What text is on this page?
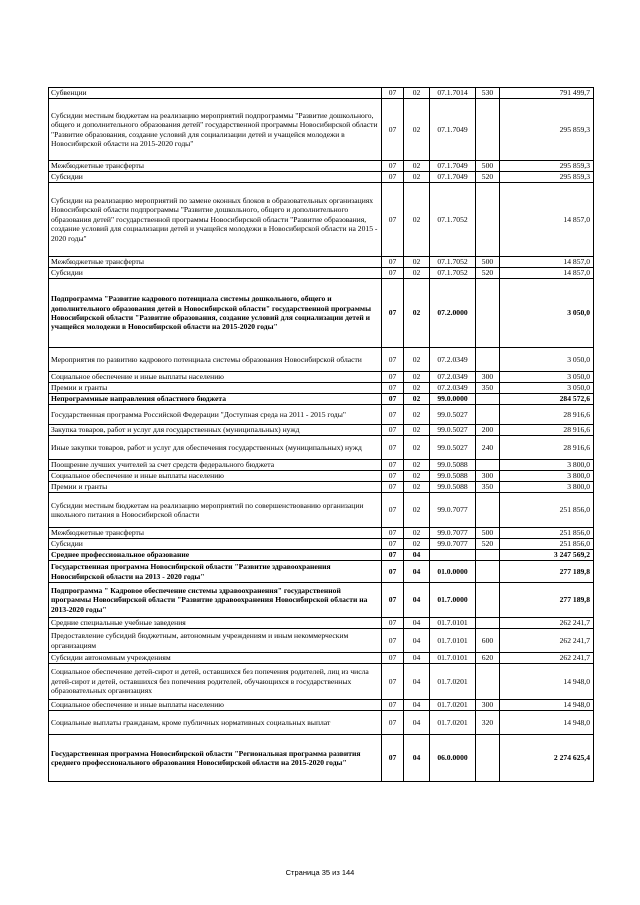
Субвенции	07	02	07.1.7014	530	791 499,7
Субсидии местным бюджетам на реализацию мероприятий подпрограммы "Развитие дошкольного, общего и дополнительного образования детей" государственной программы Новосибирской области "Развитие образования, создание условий для социализации детей и учащейся молодежи в Новосибирской области на 2015-2020 годы"	07	02	07.1.7049		295 859,3
Межбюджетные трансферты	07	02	07.1.7049	500	295 859,3
Субсидии	07	02	07.1.7049	520	295 859,3
Субсидии на реализацию мероприятий по замене оконных блоков в образовательных организациях Новосибирской области подпрограммы "Развитие дошкольного, общего и дополнительного образования детей" государственной программы Новосибирской области "Развитие образования, создание условий для социализации детей и учащейся молодежи в Новосибирской области на 2015 - 2020 годы"	07	02	07.1.7052		14 857,0
Межбюджетные трансферты	07	02	07.1.7052	500	14 857,0
Субсидии	07	02	07.1.7052	520	14 857,0
Подпрограмма "Развитие кадрового потенциала системы дошкольного, общего и дополнительного образования детей в Новосибирской области" государственной программы Новосибирской области "Развитие образования, создание условий для социализации детей и учащейся молодежи в Новосибирской области на 2015-2020 годы"	07	02	07.2.0000		3 050,0
Мероприятия по развитию кадрового потенциала системы образования Новосибирской области	07	02	07.2.0349		3 050,0
Социальное обеспечение и иные выплаты населению	07	02	07.2.0349	300	3 050,0
Премии и гранты	07	02	07.2.0349	350	3 050,0
Непрограммные направления областного бюджета	07	02	99.0.0000		284 572,6
Государственная программа Российской Федерации "Доступная среда на 2011 - 2015 годы"	07	02	99.0.5027		28 916,6
Закупка товаров, работ и услуг для государственных (муниципальных) нужд	07	02	99.0.5027	200	28 916,6
Иные закупки товаров, работ и услуг для обеспечения государственных (муниципальных) нужд	07	02	99.0.5027	240	28 916,6
Поощрение лучших учителей за счет средств федерального бюджета	07	02	99.0.5088		3 800,0
Социальное обеспечение и иные выплаты населению	07	02	99.0.5088	300	3 800,0
Премии и гранты	07	02	99.0.5088	350	3 800,0
Субсидии местным бюджетам на реализацию мероприятий по совершенствованию организации школьного питания в Новосибирской области	07	02	99.0.7077		251 856,0
Межбюджетные трансферты	07	02	99.0.7077	500	251 856,0
Субсидии	07	02	99.0.7077	520	251 856,0
Среднее профессиональное образование	07	04			3 247 569,2
Государственная программа Новосибирской области "Развитие здравоохранения Новосибирской области на 2013 - 2020 годы"	07	04	01.0.0000		277 189,8
Подпрограмма " Кадровое обеспечение системы здравоохранения" государственной программы Новосибирской области "Развитие здравоохранения Новосибирской области на 2013-2020 годы"	07	04	01.7.0000		277 189,8
Средние специальные учебные заведения	07	04	01.7.0101		262 241,7
Предоставление субсидий бюджетным, автономным учреждениям и иным некоммерческим организациям	07	04	01.7.0101	600	262 241,7
Субсидии автономным учреждениям	07	04	01.7.0101	620	262 241,7
Социальное обеспечение детей-сирот и детей, оставшихся без попечения родителей, лиц из числа детей-сирот и детей, оставшихся без попечения родителей, обучающихся в государственных образовательных организациях	07	04	01.7.0201		14 948,0
Социальное обеспечение и иные выплаты населению	07	04	01.7.0201	300	14 948,0
Социальные выплаты гражданам, кроме публичных нормативных социальных выплат	07	04	01.7.0201	320	14 948,0
Государственная программа Новосибирской области "Региональная программа развития среднего профессионального образования Новосибирской области на 2015-2020 годы"	07	04	06.0.0000		2 274 625,4
Страница 35 из 144
